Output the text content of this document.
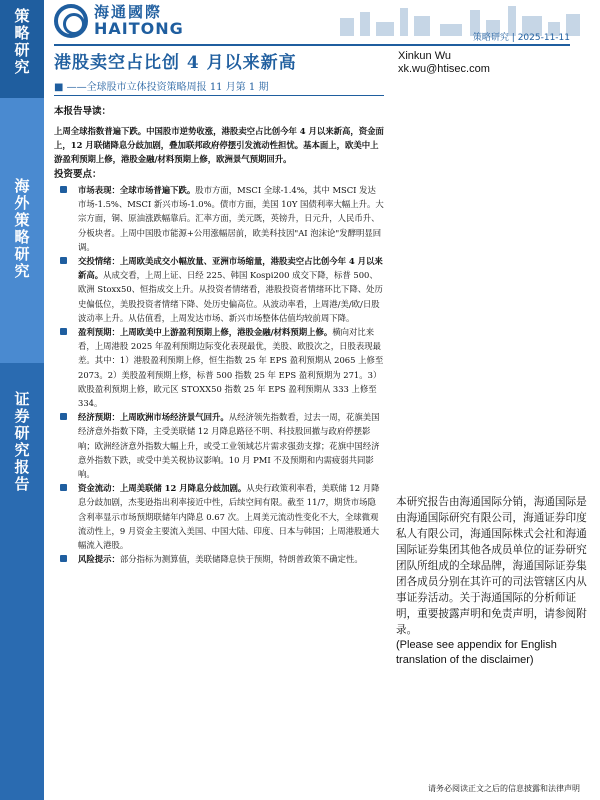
策略研究
海外策略研究
证券研究报告
海通國際
HAITONG	策略研究 | 2025-11-11
港股卖空占比创 4 月以来新高
■ ——全球股市立体投资策略周报 11 月第 1 期
Xinkun Wu
xk.wu@htisec.com
本报告导读：
上周全球指数普遍下跌。中国股市逆势收涨，港股卖空占比创今年 4 月以来新高，资金面上，12 月联储降息分歧加剧，叠加联邦政府停摆引发流动性担忧。基本面上，欧美中上游盈利预期上修，港股金融/材料预期上修，欧洲景气预期回升。
投资要点：
市场表现：全球市场普遍下跌。股市方面，MSCI 全球-1.4%，其中 MSCI 发达市场-1.5%、MSCI 新兴市场-1.0%。债市方面，美国 10Y 国债利率大幅上升。大宗方面，铜、原油涨跌幅靠后。汇率方面，美元既，英镑升，日元升，人民币升、分板块者。上周中国股市能源+公用涨幅居前，欧美科技因"AI 泡沫论"发酵明显回调。
交投情绪：上周欧美成交小幅放量、亚洲市场缩量，港股卖空占比创今年 4 月以来新高。从成交看，上周上证、日经 225、韩国 Kospi200 成交下降，标普 500、欧洲 Stoxx50、恒指成交上升。从投资者情绪看，港股投资者情绪环比下降、处历史偏低位，美股投资者情绪下降、处历史偏高位。从波动率看，上周港/美/欧/日股波动率上升。从估值看，上周发达市场、新兴市场整体估值均较前周下降。
盈利预期：上周欧美中上游盈利预期上修，港股金融/材料预期上修。横向对比来看，上周港股 2025 年盈利预期边际变化表现最优，美股、欧股次之，日股表现最差。其中：1）港股盈利预期上修，恒生指数 25 年 EPS 盈利预期从 2065 上修至 2073。2）美股盈利预期上修，标普 500 指数 25 年 EPS 盈利预期为 271。3）欧股盈利预期上修，欧元区 STOXX50 指数 25 年 EPS 盈利预期从 333 上修至 334。
经济预期：上周欧洲市场经济景气回升。从经济领先指数看，过去一周，花旗美国经济意外指数下降，主受美联储 12 月降息路径不明、科技股回撤与政府停摆影响；欧洲经济意外指数大幅上升，或受工业领域芯片需求强劲支撑；花旗中国经济意外指数下跌，或受中美关税协议影响。10 月 PMI 不及预期和内需疲弱共同影响。
资金流动：上周美联储 12 月降息分歧加剧。从央行政策利率看，美联储 12 月降息分歧加剧，杰斐逊指出利率接近中性，后续空间有限。截至 11/7，期货市场隐含利率显示市场预期联储年内降息 0.67 次。上周美元流动性变化不大，全球微观流动性上，9 月资金主要流入美国、中国大陆、印度、日本与韩国；上周港股通大幅流入港股。
风险提示：部分指标为测算值，美联储降息快于预期，特朗普政策不确定性。
本研究报告由海通国际分销，海通国际是由海通国际研究有限公司，海通证券印度私人有限公司，海通国际株式会社和海通国际证券集团其他各成员单位的证券研究团队所组成的全球品牌，海通国际证券集团各成员分别在其许可的司法管辖区内从事证券活动。关于海通国际的分析师证明，重要披露声明和免责声明，请参阅附录。
(Please see appendix for English translation of the disclaimer)
请务必阅读正文之后的信息披露和法律声明
